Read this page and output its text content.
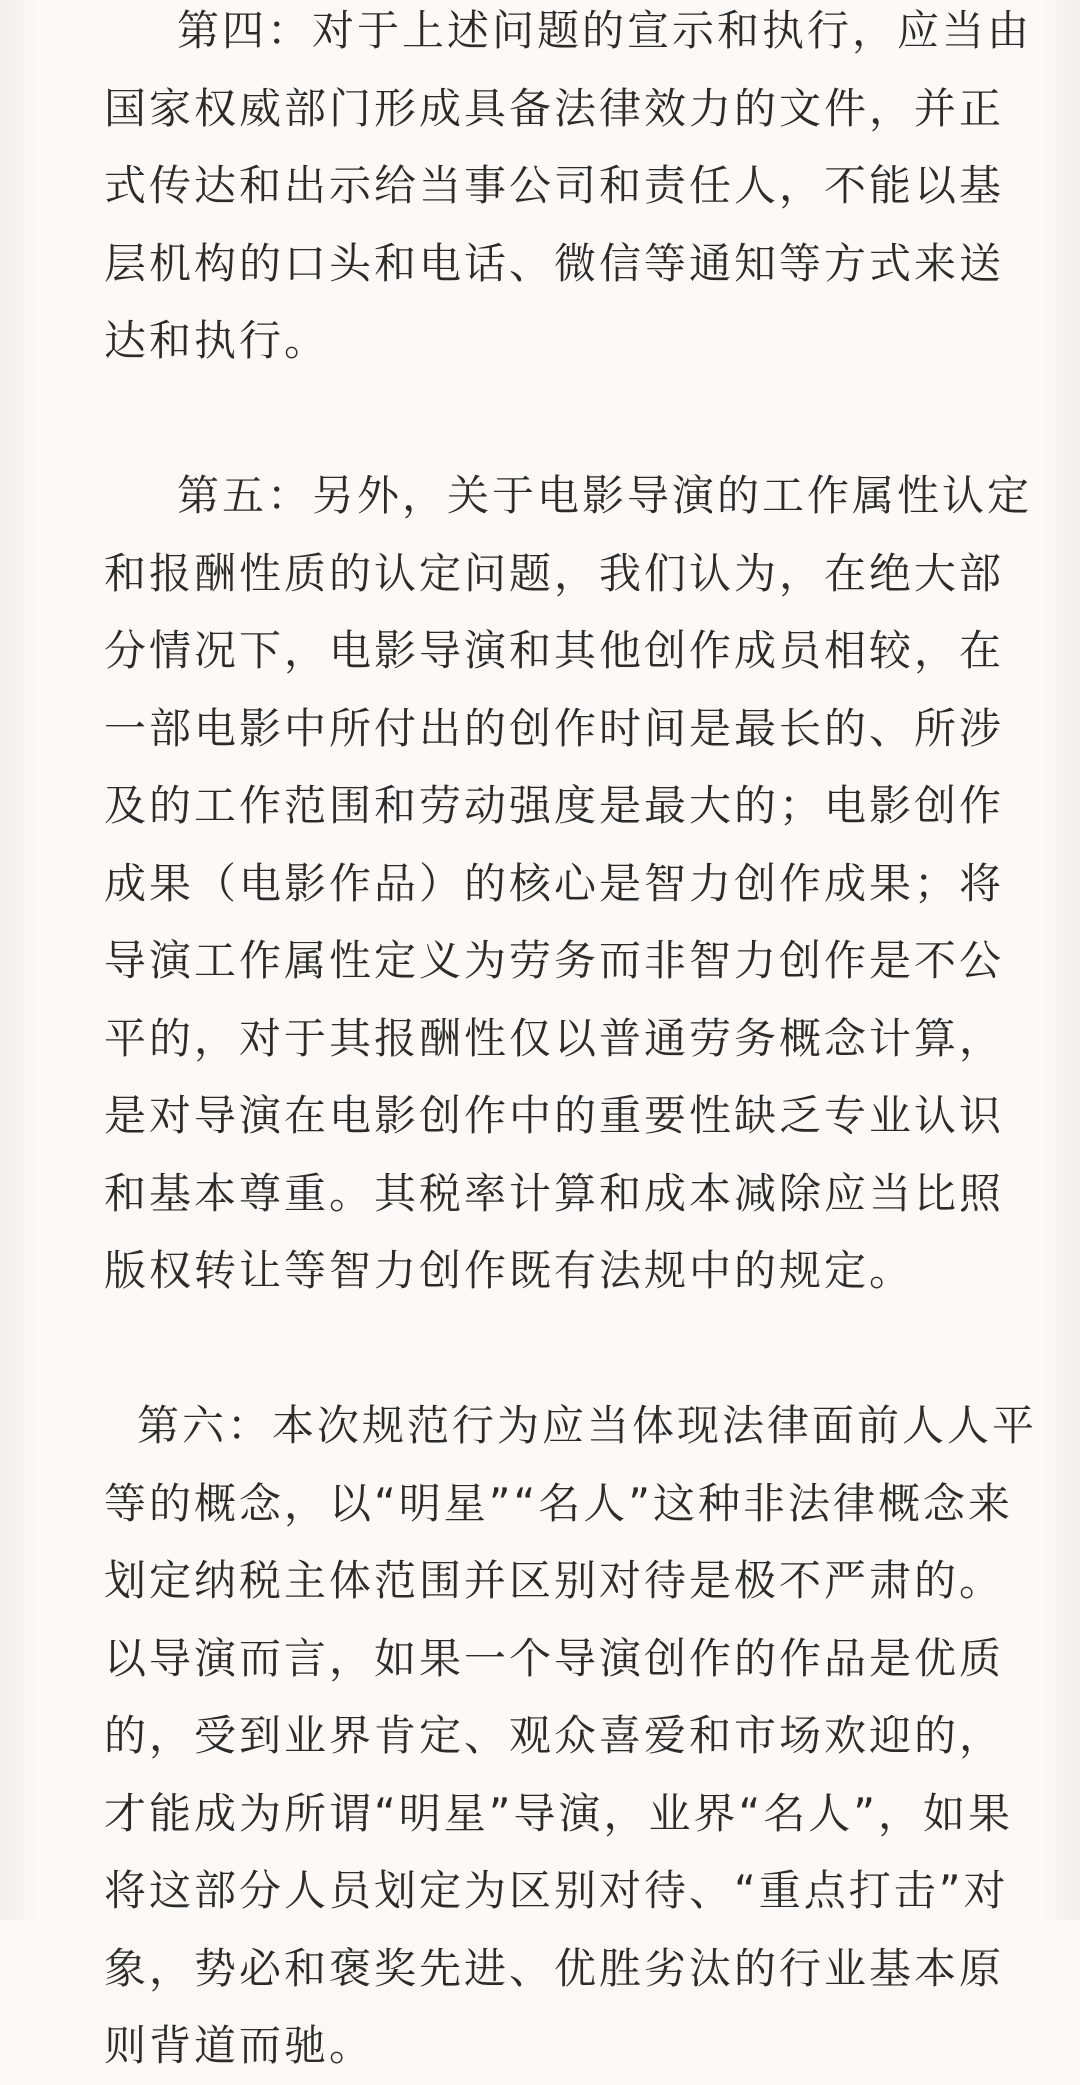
第四：对于上述问题的宣示和执行，应当由
国家权威部门形成具备法律效力的文件，并正
式传达和出示给当事公司和责任人，不能以基
层机构的口头和电话、微信等通知等方式来送
达和执行。

第五：另外，关于电影导演的工作属性认定
和报酬性质的认定问题，我们认为，在绝大部
分情况下，电影导演和其他创作成员相较，在
一部电影中所付出的创作时间是最长的、所涉
及的工作范围和劳动强度是最大的；电影创作
成果（电影作品）的核心是智力创作成果；将
导演工作属性定义为劳务而非智力创作是不公
平的，对于其报酬性仅以普通劳务概念计算，
是对导演在电影创作中的重要性缺乏专业认识
和基本尊重。其税率计算和成本减除应当比照
版权转让等智力创作既有法规中的规定。

第六：本次规范行为应当体现法律面前人人平
等的概念，以“明星”“名人”这种非法律概念来
划定纳税主体范围并区别对待是极不严肃的。
以导演而言，如果一个导演创作的作品是优质
的，受到业界肯定、观众喜爱和市场欢迎的，
才能成为所谓“明星”导演，业界“名人”，如果
将这部分人员划定为区别对待、“重点打击”对
象，势必和褒奖先进、优胜劣汰的行业基本原
则背道而驰。
